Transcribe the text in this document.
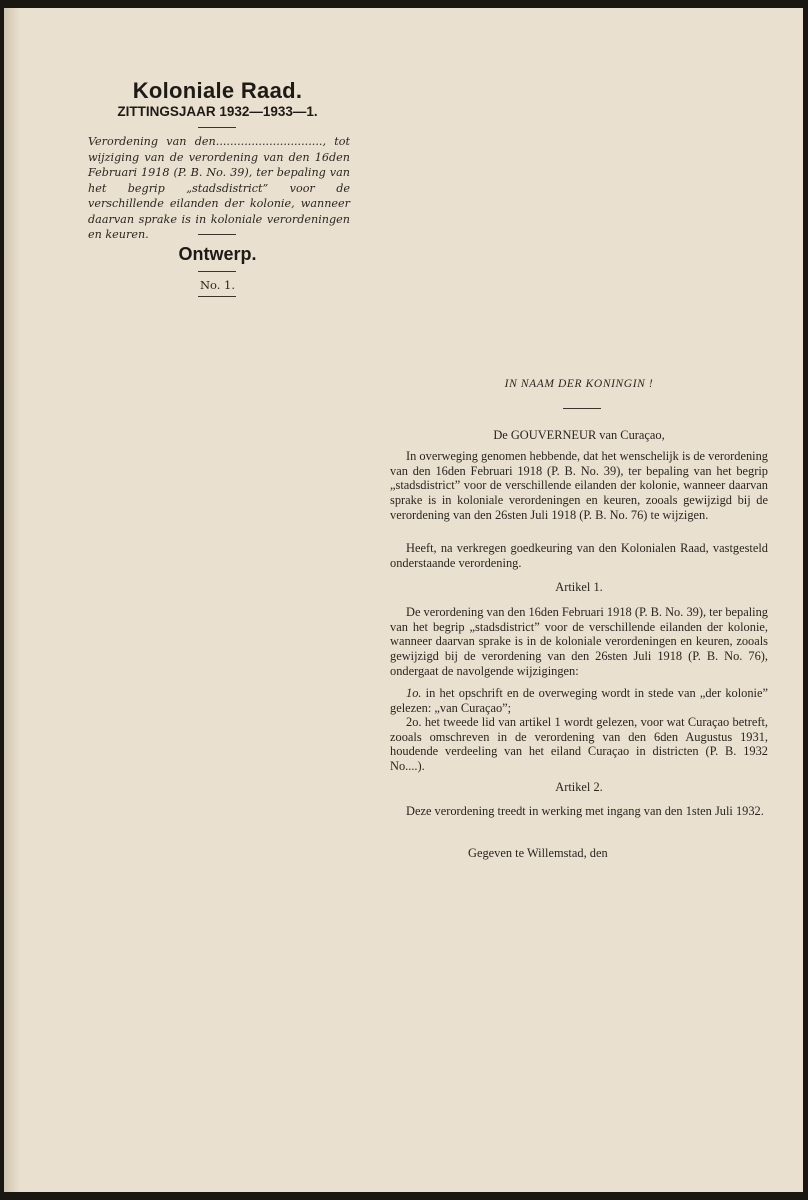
Koloniale Raad.
ZITTINGSJAAR 1932—1933—1.
Verordening van den.............................., tot wijziging van de verordening van den 16den Februari 1918 (P. B. No. 39), ter bepaling van het begrip „stadsdistrict” voor de verschillende eilanden der kolonie, wanneer daarvan sprake is in koloniale verordeningen en keuren.
Ontwerp.
No. 1.
IN NAAM DER KONINGIN !
De GOUVERNEUR van Curaçao,
In overweging genomen hebbende, dat het wenschelijk is de verordening van den 16den Februari 1918 (P. B. No. 39), ter bepaling van het begrip „stadsdistrict” voor de verschillende eilanden der kolonie, wanneer daarvan sprake is in koloniale verordeningen en keuren, zooals gewijzigd bij de verordening van den 26sten Juli 1918 (P. B. No. 76) te wijzigen.
Heeft, na verkregen goedkeuring van den Kolonialen Raad, vastgesteld onderstaande verordening.
Artikel 1.
De verordening van den 16den Februari 1918 (P. B. No. 39), ter bepaling van het begrip „stadsdistrict” voor de verschillende eilanden der kolonie, wanneer daarvan sprake is in de koloniale verordeningen en keuren, zooals gewijzigd bij de verordening van den 26sten Juli 1918 (P. B. No. 76), ondergaat de navolgende wijzigingen:
1o. in het opschrift en de overweging wordt in stede van „der kolonie” gelezen: „van Curaçao”;
2o. het tweede lid van artikel 1 wordt gelezen, voor wat Curaçao betreft, zooals omschreven in de verordening van den 6den Augustus 1931, houdende verdeeling van het eiland Curaçao in districten (P. B. 1932 No....).
Artikel 2.
Deze verordening treedt in werking met ingang van den 1sten Juli 1932.
Gegeven te Willemstad, den
